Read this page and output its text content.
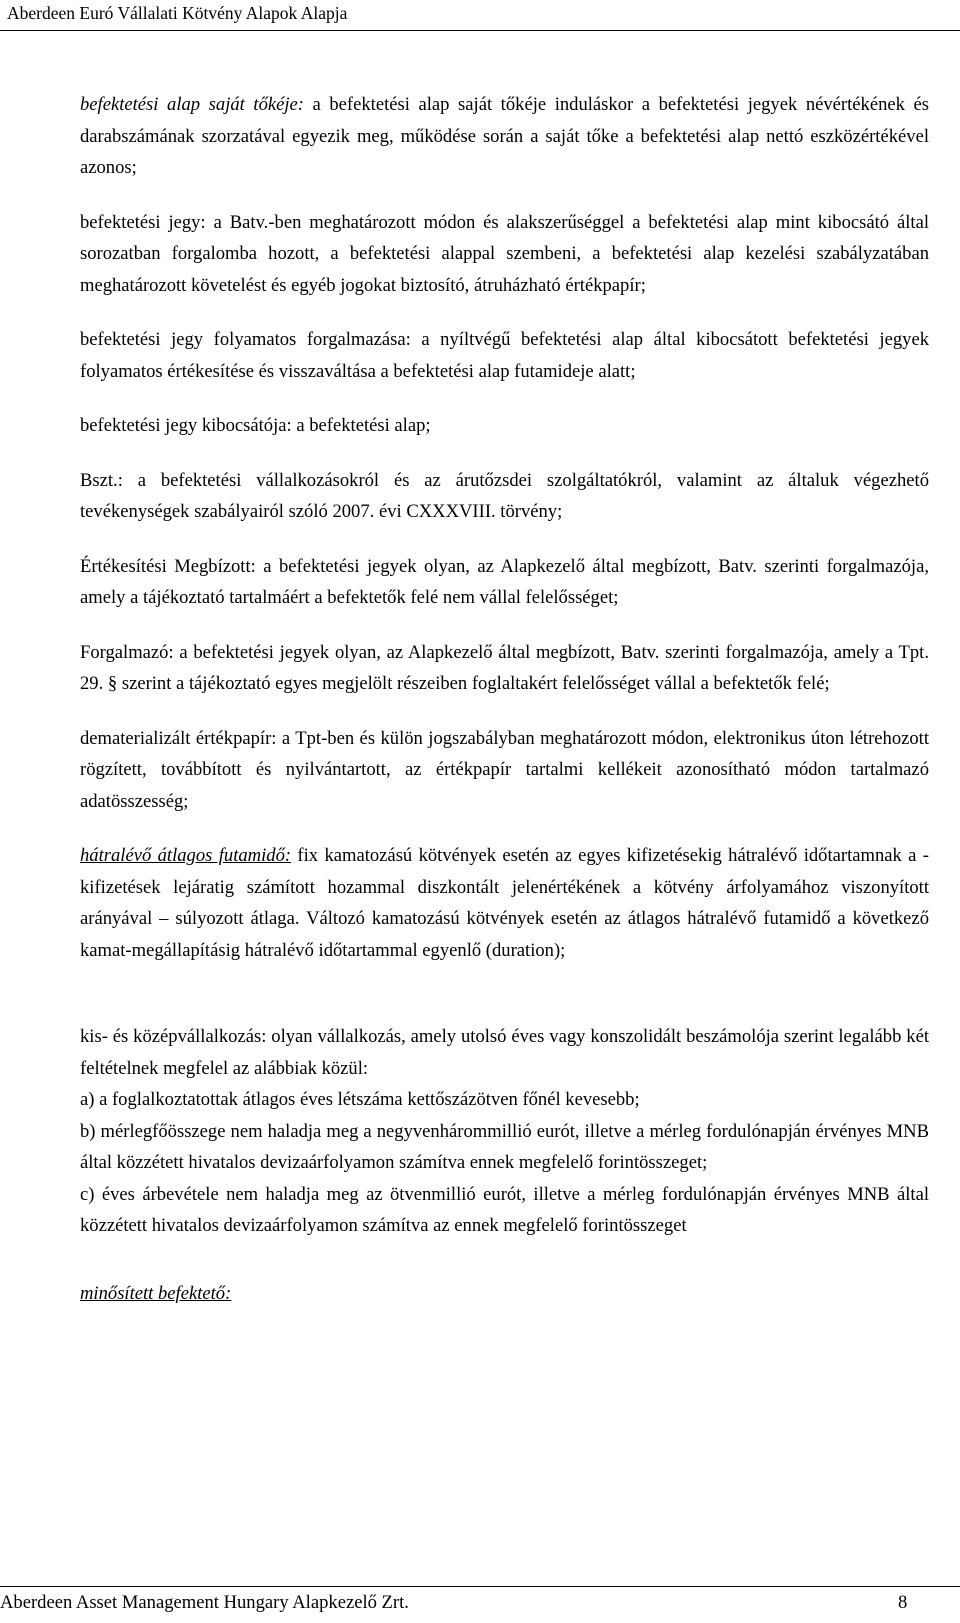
Aberdeen Euró Vállalati Kötvény Alapok Alapja

befektetési alap saját tőkéje: a befektetési alap saját tőkéje induláskor a befektetési jegyek névértékének és darabszámának szorzatával egyezik meg, működése során a saját tőke a befektetési alap nettó eszközértékével azonos;

befektetési jegy: a Batv.-ben meghatározott módon és alakszerűséggel a befektetési alap mint kibocsátó által sorozatban forgalomba hozott, a befektetési alappal szembeni, a befektetési alap kezelési szabályzatában meghatározott követelést és egyéb jogokat biztosító, átruházható értékpapír;

befektetési jegy folyamatos forgalmazása: a nyíltvégű befektetési alap által kibocsátott befektetési jegyek folyamatos értékesítése és visszaváltása a befektetési alap futamideje alatt;

befektetési jegy kibocsátója: a befektetési alap;

Bszt.: a befektetési vállalkozásokról és az árutőzsdei szolgáltatókról, valamint az általuk végezhető tevékenységek szabályairól szóló 2007. évi CXXXVIII. törvény;

Értékesítési Megbízott: a befektetési jegyek olyan, az Alapkezelő által megbízott, Batv. szerinti forgalmazója, amely a tájékoztató tartalmáért a befektetők felé nem vállal felelősséget;

Forgalmazó: a befektetési jegyek olyan, az Alapkezelő által megbízott, Batv. szerinti forgalmazója, amely a Tpt. 29. § szerint a tájékoztató egyes megjelölt részeiben foglaltakért felelősséget vállal a befektetők felé;

dematerializált értékpapír: a Tpt-ben és külön jogszabályban meghatározott módon, elektronikus úton létrehozott rögzített, továbbított és nyilvántartott, az értékpapír tartalmi kellékeit azonosítható módon tartalmazó adatösszesség;

hátralévő átlagos futamidő: fix kamatozású kötvények esetén az egyes kifizetésekig hátralévő időtartamnak a - kifizetések lejáratig számított hozammal diszkontált jelenértékének a kötvény árfolyamához viszonyított arányával – súlyozott átlaga. Változó kamatozású kötvények esetén az átlagos hátralévő futamidő a következő kamat-megállapításig hátralévő időtartammal egyenlő (duration);

kis- és középvállalkozás: olyan vállalkozás, amely utolsó éves vagy konszolidált beszámolója szerint legalább két feltételnek megfelel az alábbiak közül:

a) a foglalkoztatottak átlagos éves létszáma kettőszázötven főnél kevesebb;

b) mérlegfőösszege nem haladja meg a negyvenhárommillió eurót, illetve a mérleg fordulónapján érvényes MNB által közzétett hivatalos devizaárfolyamon számítva ennek megfelelő forintösszeget;

c) éves árbevétele nem haladja meg az ötvenmillió eurót, illetve a mérleg fordulónapján érvényes MNB által közzétett hivatalos devizaárfolyamon számítva az ennek megfelelő forintösszeget

minősített befektető:

Aberdeen Asset Management Hungary Alapkezelő Zrt.	8
